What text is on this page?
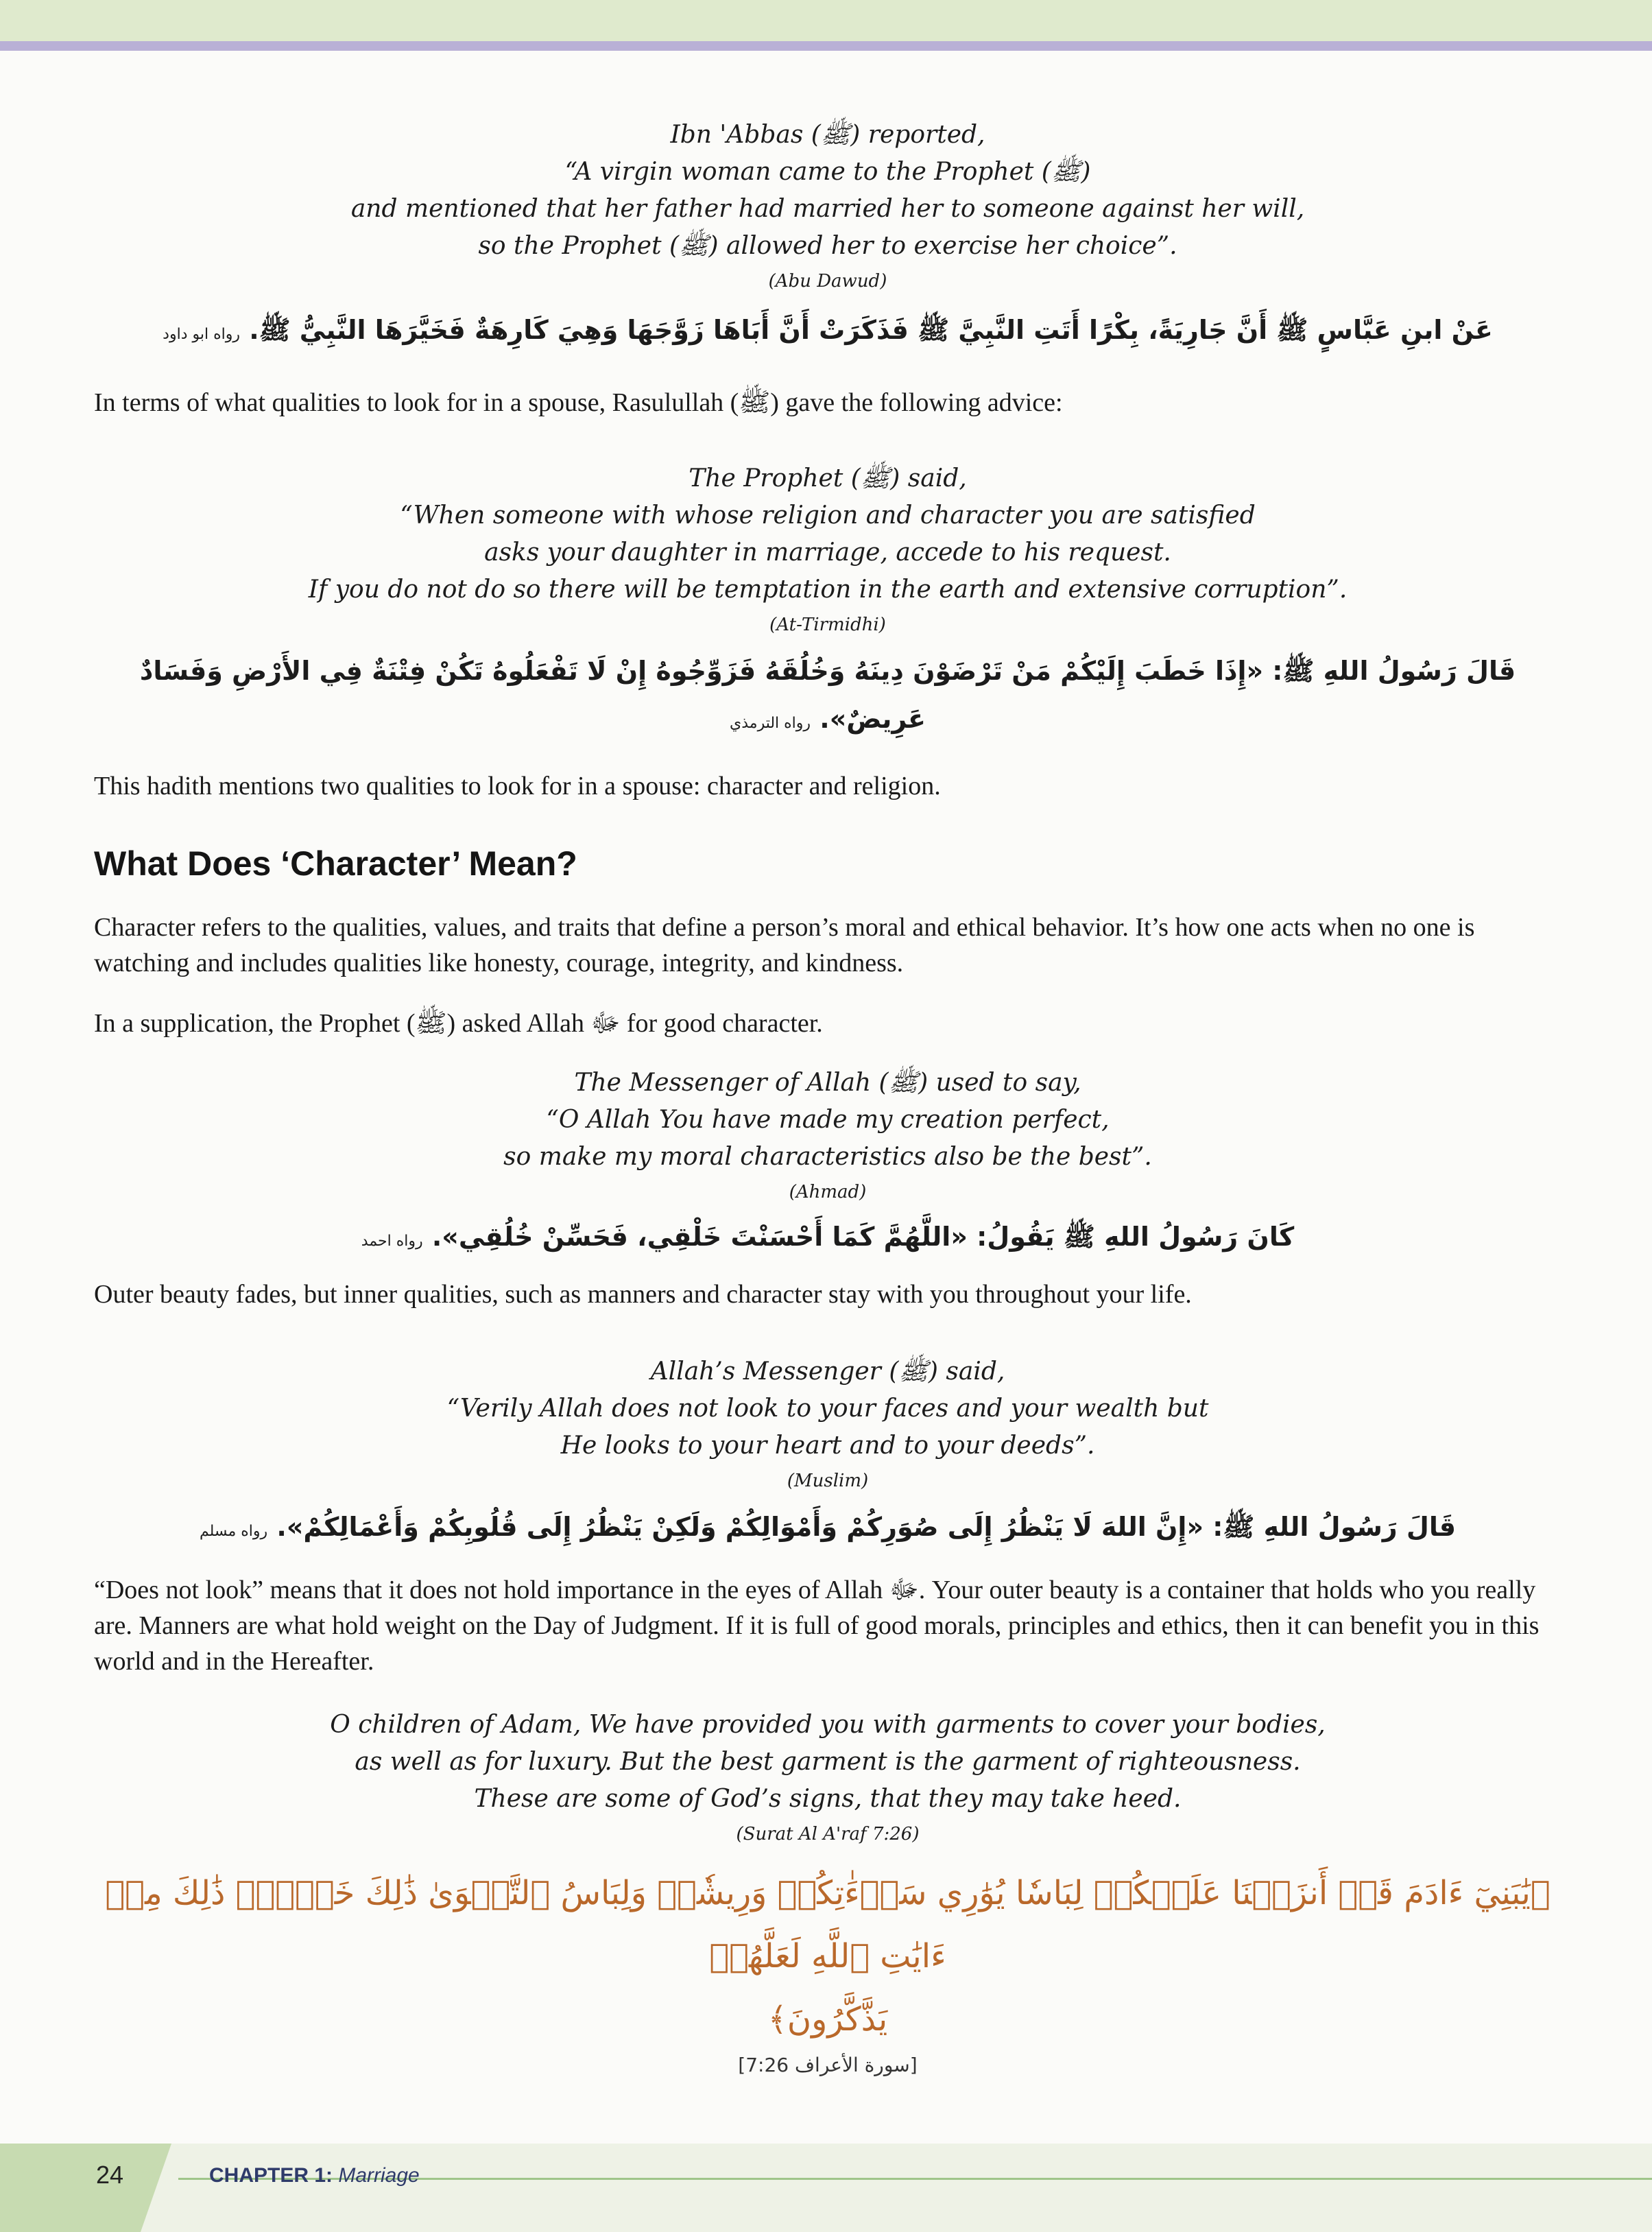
Ibn 'Abbas (ﷺ) reported,
“A virgin woman came to the Prophet (ﷺ)
and mentioned that her father had married her to someone against her will,
so the Prophet (ﷺ) allowed her to exercise her choice”.
(Abu Dawud)
عَنْ ابنِ عَبَّاسٍ ﷺ أَنَّ جَارِيَةً، بِكْرًا أَتَتِ النَّبِيَّ ﷺ فَذَكَرَتْ أَنَّ أَبَاهَا زَوَّجَهَا وَهِيَ كَارِهَةٌ فَخَيَّرَهَا النَّبِيُّ ﷺ. رواه ابو داود

In terms of what qualities to look for in a spouse, Rasulullah (ﷺ) gave the following advice:

The Prophet (ﷺ) said,
“When someone with whose religion and character you are satisfied
asks your daughter in marriage, accede to his request.
If you do not do so there will be temptation in the earth and extensive corruption”.
(At-Tirmidhi)
قَالَ رَسُولُ اللهِ ﷺ: «إِذَا خَطَبَ إِلَيْكُمْ مَنْ تَرْضَوْنَ دِينَهُ وَخُلُقَهُ فَزَوِّجُوهُ إِنْ لَا تَفْعَلُوهُ تَكُنْ فِتْنَةٌ فِي الأَرْضِ وَفَسَادٌ عَرِيضٌ». رواه الترمذي

This hadith mentions two qualities to look for in a spouse: character and religion.

What Does ‘Character’ Mean?

Character refers to the qualities, values, and traits that define a person’s moral and ethical behavior. It’s how one acts when no one is watching and includes qualities like honesty, courage, integrity, and kindness.

In a supplication, the Prophet (ﷺ) asked Allah ﷻ for good character.

The Messenger of Allah (ﷺ) used to say,
“O Allah You have made my creation perfect,
so make my moral characteristics also be the best”.
(Ahmad)
كَانَ رَسُولُ اللهِ ﷺ يَقُولُ: «اللَّهُمَّ كَمَا أَحْسَنْتَ خَلْقِي، فَحَسِّنْ خُلُقِي». رواه احمد

Outer beauty fades, but inner qualities, such as manners and character stay with you throughout your life.

Allah’s Messenger (ﷺ) said,
“Verily Allah does not look to your faces and your wealth but
He looks to your heart and to your deeds”.
(Muslim)
قَالَ رَسُولُ اللهِ ﷺ: «إِنَّ اللهَ لَا يَنْظُرُ إِلَى صُوَرِكُمْ وَأَمْوَالِكُمْ وَلَكِنْ يَنْظُرُ إِلَى قُلُوبِكُمْ وَأَعْمَالِكُمْ». رواه مسلم

“Does not look” means that it does not hold importance in the eyes of Allah ﷻ. Your outer beauty is a container that holds who you really are. Manners are what hold weight on the Day of Judgment. If it is full of good morals, principles and ethics, then it can benefit you in this world and in the Hereafter.

O children of Adam, We have provided you with garments to cover your bodies,
as well as for luxury. But the best garment is the garment of righteousness.
These are some of God’s signs, that they may take heed.
(Surat Al A'raf 7:26)
﴿يَٰبَنِيٓ ءَادَمَ قَدۡ أَنزَلۡنَا عَلَيۡكُمۡ لِبَاسٗا يُوَٰرِي سَوۡءَٰتِكُمۡ وَرِيشٗاۖ وَلِبَاسُ ٱلتَّقۡوَىٰ ذَٰلِكَ خَيۡرٞۚ ذَٰلِكَ مِنۡ ءَايَٰتِ ٱللَّهِ لَعَلَّهُمۡ
يَذَّكَّرُونَ﴾
[سورة الأعراف 7:26]
24	CHAPTER 1: Marriage
